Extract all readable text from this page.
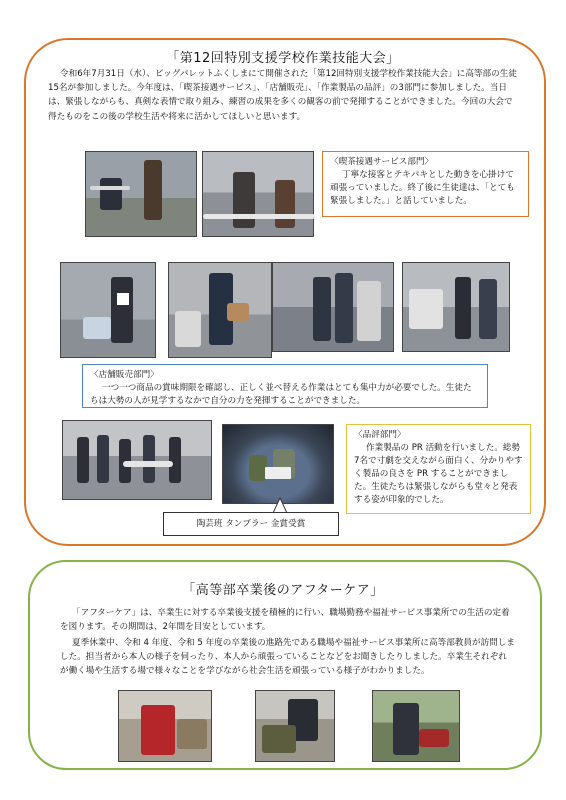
「第12回特別支援学校作業技能大会」

令和6年7月31日（水）、ビッグパレットふくしまにて開催された「第12回特別支援学校作業技能大会」に高等部の生徒15名が参加しました。今年度は、「喫茶接遇サービス」、「店舗販売」、「作業製品の品評」の3部門に参加しました。当日は、緊張しながらも、真剣な表情で取り組み、練習の成果を多くの観客の前で発揮することができました。今回の大会で得たものをこの後の学校生活や将来に活かしてほしいと思います。

〈喫茶接遇サービス部門〉
丁寧な接客とテキパキとした動きを心掛けて頑張っていました。終了後に生徒達は、「とても緊張しました。」と話していました。
〈店舗販売部門〉
一つ一つ商品の賞味期限を確認し、正しく並べ替える作業はとても集中力が必要でした。生徒たちは大勢の人が見学するなかで自分の力を発揮することができました。
〈品評部門〉
作業製品の PR 活動を行いました。総勢7名で寸劇を交えながら面白く、分かりやすく製品の良さを PR することができました。生徒たちは緊張しながらも堂々と発表する姿が印象的でした。
陶芸班 タンブラー 金賞受賞
「高等部卒業後のアフターケア」

「アフターケア」は、卒業生に対する卒業後支援を積極的に行い、職場勤務や福祉サービス事業所での生活の定着を図ります。その期間は、2年間を目安としています。

夏季休業中、令和 4 年度、令和 5 年度の卒業後の進路先である職場や福祉サービス事業所に高等部教員が訪問しました。担当者から本人の様子を伺ったり、本人から頑張っていることなどをお聞きしたりしました。卒業生それぞれが働く場や生活する場で様々なことを学びながら社会生活を頑張っている様子がわかりました。
